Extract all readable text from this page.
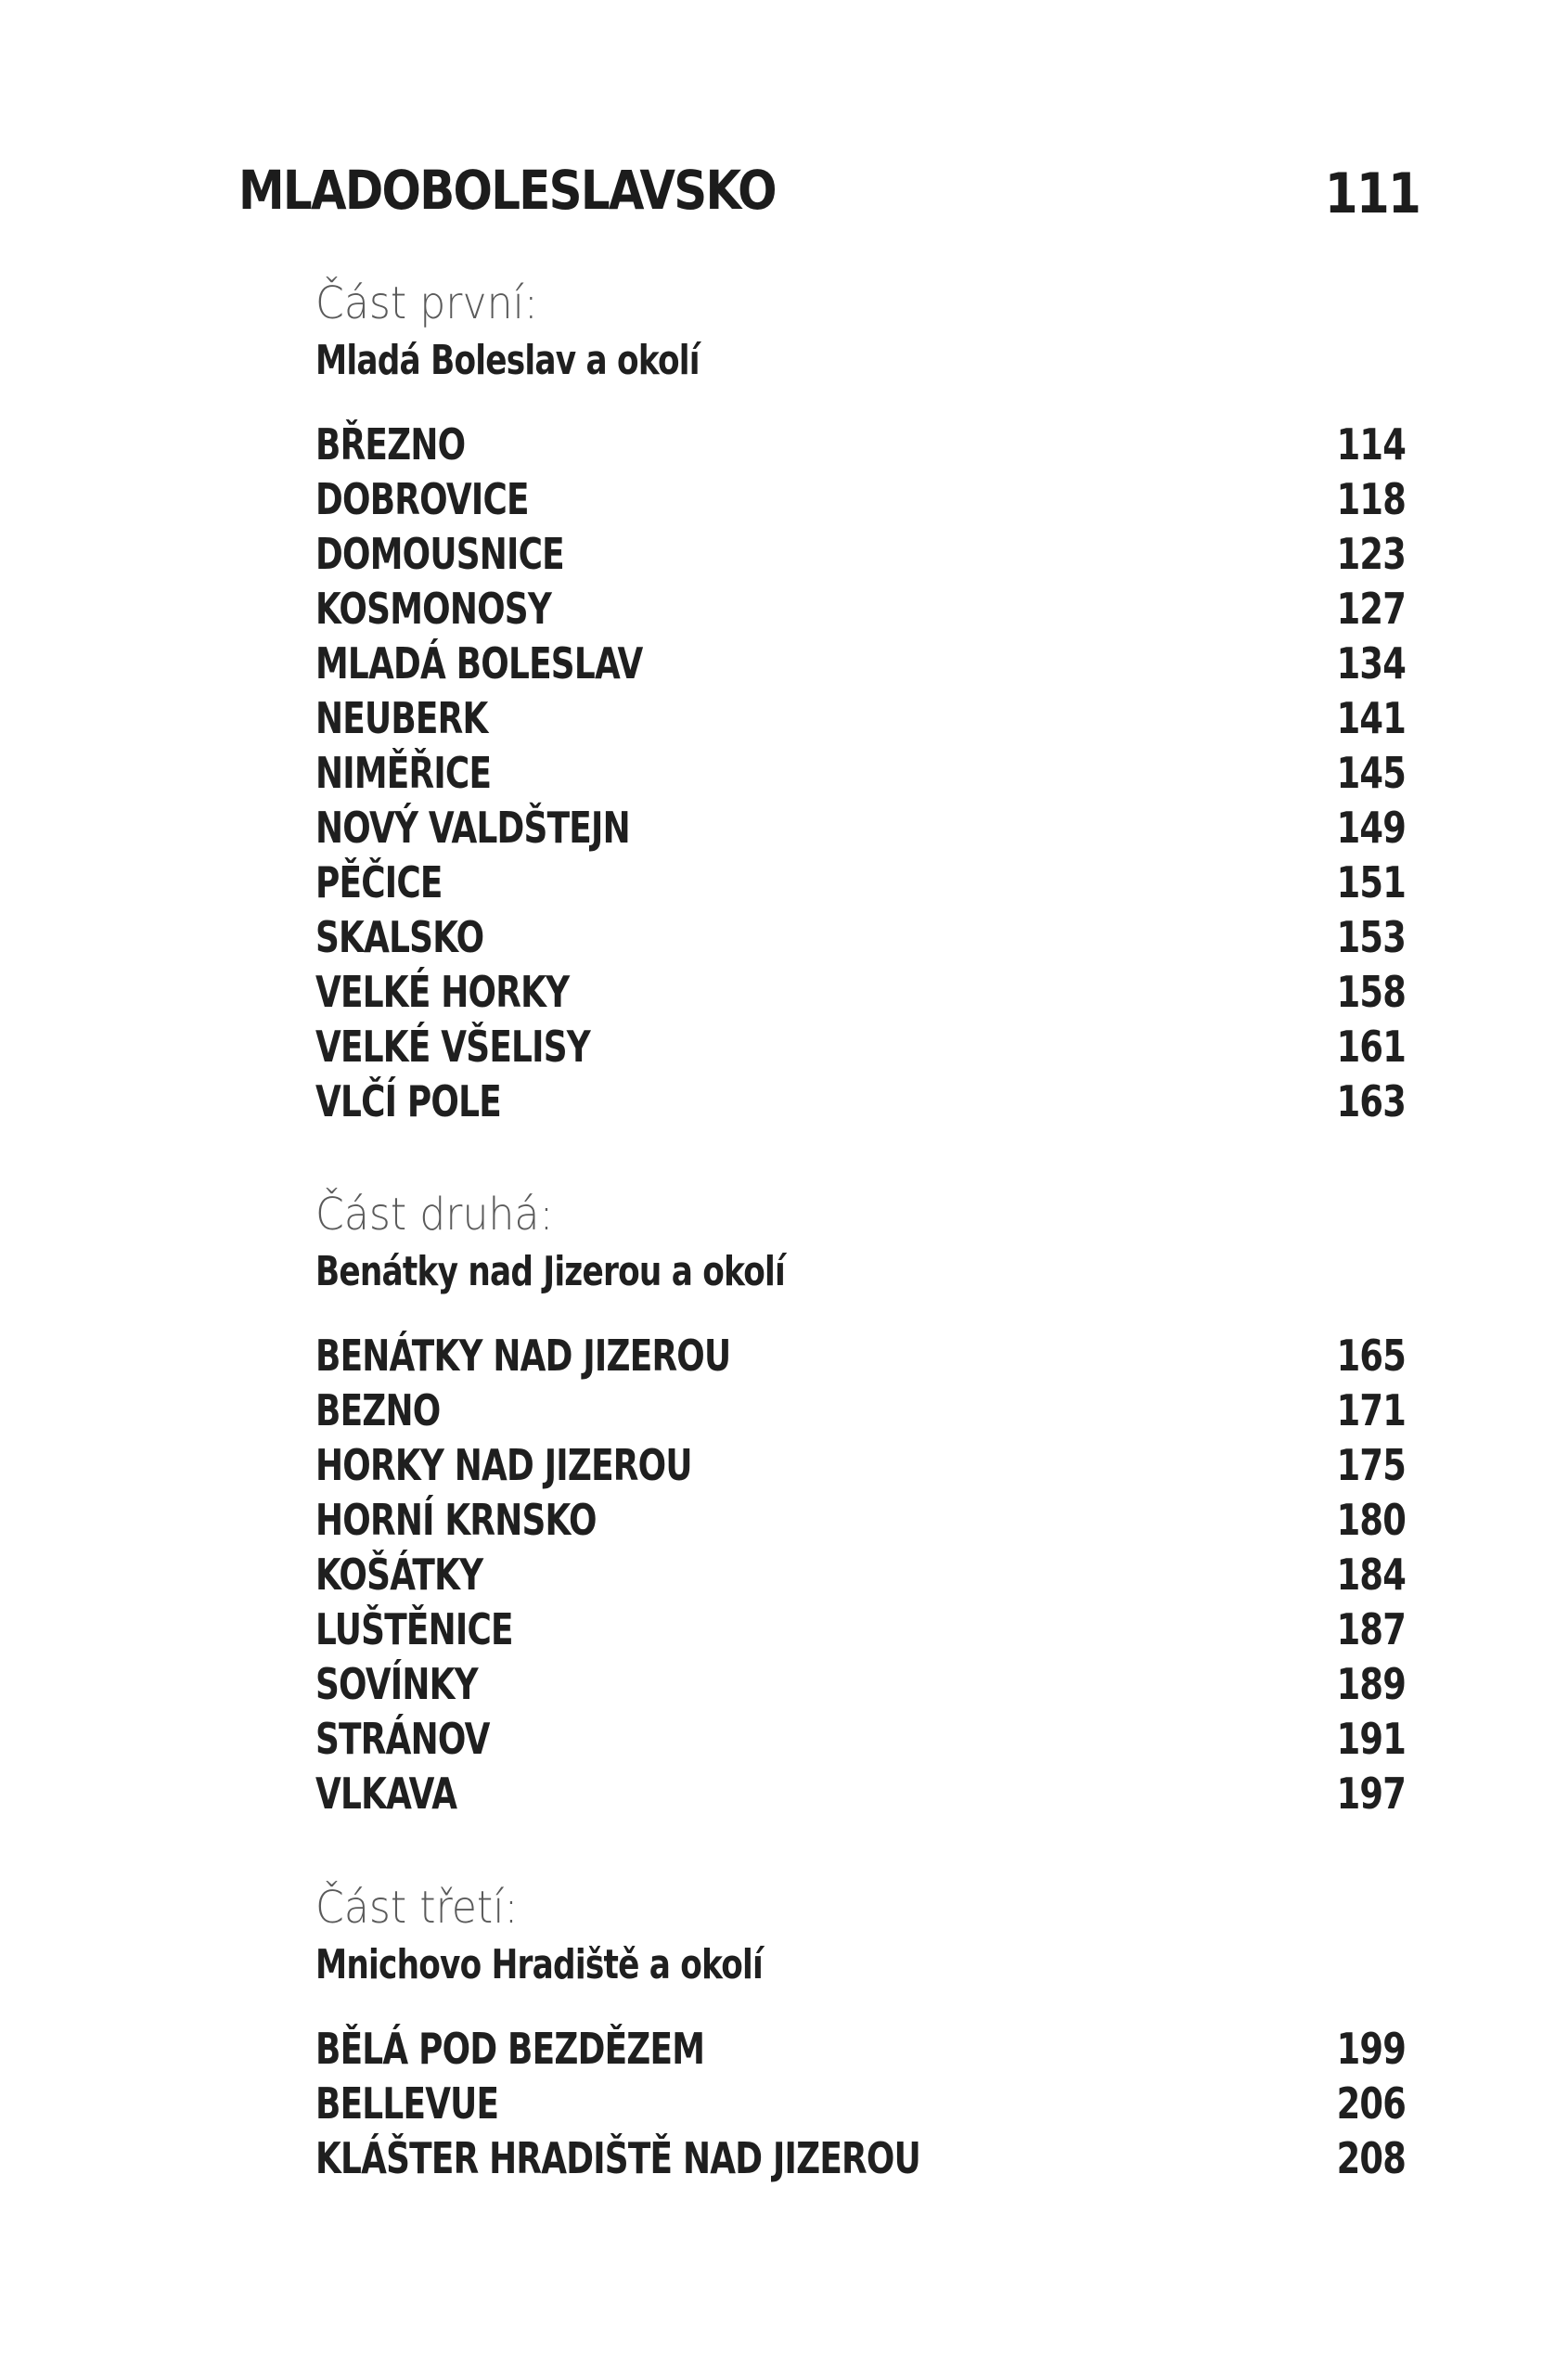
MLADOBOLESLAVSKO	111
Část první:
Mladá Boleslav a okolí
BŘEZNO	114
DOBROVICE	118
DOMOUSNICE	123
KOSMONOSY	127
MLADÁ BOLESLAV	134
NEUBERK	141
NIMĚŘICE	145
NOVÝ VALDŠTEJN	149
PĚČICE	151
SKALSKO	153
VELKÉ HORKY	158
VELKÉ VŠELISY	161
VLČÍ POLE	163
Část druhá:
Benátky nad Jizerou a okolí
BENÁTKY NAD JIZEROU	165
BEZNO	171
HORKY NAD JIZEROU	175
HORNÍ KRNSKO	180
KOŠÁTKY	184
LUŠTĚNICE	187
SOVÍNKY	189
STRÁNOV	191
VLKAVA	197
Část třetí:
Mnichovo Hradiště a okolí
BĚLÁ POD BEZDĚZEM	199
BELLEVUE	206
KLÁŠTER HRADIŠTĚ NAD JIZEROU	208
